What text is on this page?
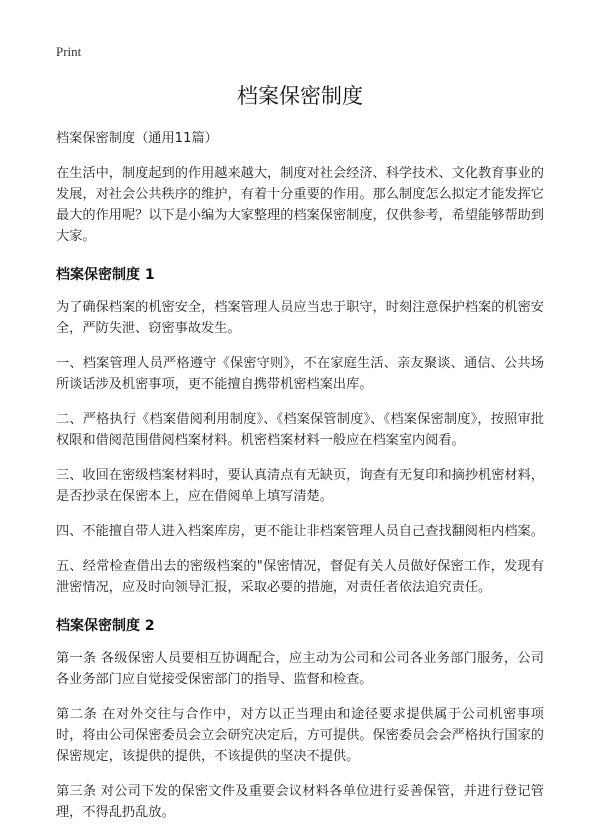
Print
档案保密制度

档案保密制度（通用11篇）

在生活中，制度起到的作用越来越大，制度对社会经济、科学技术、文化教育事业的发展，对社会公共秩序的维护，有着十分重要的作用。那么制度怎么拟定才能发挥它最大的作用呢？以下是小编为大家整理的档案保密制度，仅供参考，希望能够帮助到大家。

档案保密制度 1

为了确保档案的机密安全，档案管理人员应当忠于职守，时刻注意保护档案的机密安全，严防失泄、窃密事故发生。

一、档案管理人员严格遵守《保密守则》，不在家庭生活、亲友聚谈、通信、公共场所谈话涉及机密事项，更不能擅自携带机密档案出库。

二、严格执行《档案借阅利用制度》、《档案保管制度》、《档案保密制度》，按照审批权限和借阅范围借阅档案材料。机密档案材料一般应在档案室内阅看。

三、收回在密级档案材料时，要认真清点有无缺页，询查有无复印和摘抄机密材料，是否抄录在保密本上，应在借阅单上填写清楚。

四、不能擅自带人进入档案库房，更不能让非档案管理人员自己查找翻阅柜内档案。

五、经常检查借出去的密级档案的"保密情况，督促有关人员做好保密工作，发现有泄密情况，应及时向领导汇报，采取必要的措施，对责任者依法追究责任。

档案保密制度 2

第一条 各级保密人员要相互协调配合，应主动为公司和公司各业务部门服务，公司各业务部门应自觉接受保密部门的指导、监督和检查。

第二条 在对外交往与合作中，对方以正当理由和途径要求提供属于公司机密事项时，将由公司保密委员会立会研究决定后，方可提供。保密委员会会严格执行国家的保密规定，该提供的提供，不该提供的坚决不提供。

第三条 对公司下发的保密文件及重要会议材料各单位进行妥善保管，并进行登记管理，不得乱扔乱放。
